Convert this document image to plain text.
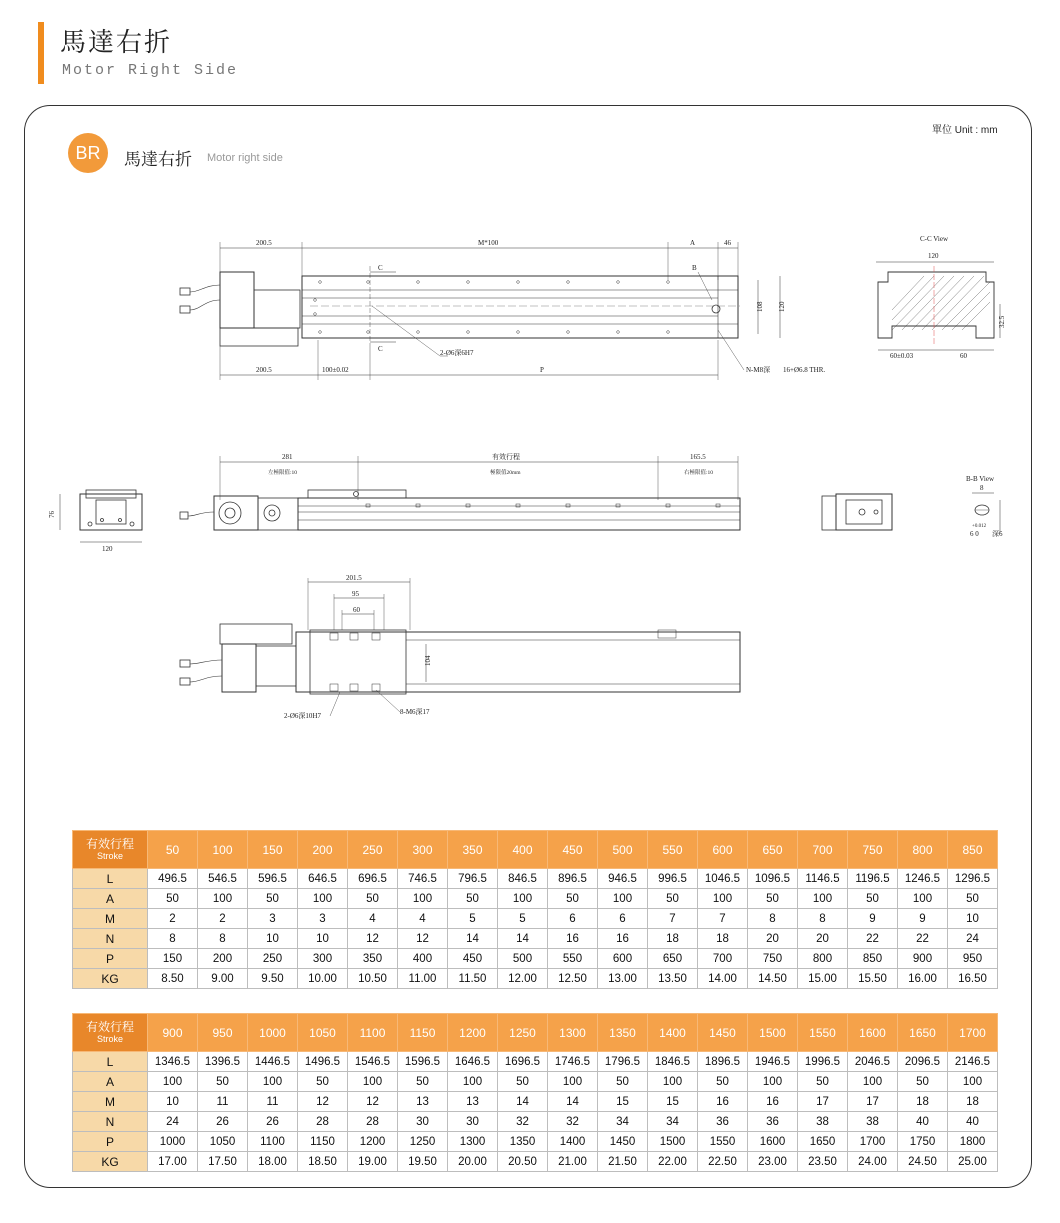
馬達右折
Motor Right Side
單位 Unit : mm
BR	馬達右折 Motor right side
200.5	M*100	A	46
C
C
B
108 120
200.5	100±0.02	P
2-Ø6深6H7
N-M8深 16+Ø6.8 THR.
C-C View
120
32.5
60±0.03	60
281	有效行程	165.5
左極限值:10	極限值20mm	右極限值:10
76
120
B-B View
8
+0.012
6 0 深6
201.5
95
60
104
2-Ø6深10H7	8-M6深17
有效行程
Stroke	50	100	150	200	250	300	350	400	450	500	550	600	650	700	750	800	850
L	496.5	546.5	596.5	646.5	696.5	746.5	796.5	846.5	896.5	946.5	996.5	1046.5	1096.5	1146.5	1196.5	1246.5	1296.5
A	50	100	50	100	50	100	50	100	50	100	50	100	50	100	50	100	50
M	2	2	3	3	4	4	5	5	6	6	7	7	8	8	9	9	10
N	8	8	10	10	12	12	14	14	16	16	18	18	20	20	22	22	24
P	150	200	250	300	350	400	450	500	550	600	650	700	750	800	850	900	950
KG	8.50	9.00	9.50	10.00	10.50	11.00	11.50	12.00	12.50	13.00	13.50	14.00	14.50	15.00	15.50	16.00	16.50
有效行程
Stroke	900	950	1000	1050	1100	1150	1200	1250	1300	1350	1400	1450	1500	1550	1600	1650	1700
L	1346.5	1396.5	1446.5	1496.5	1546.5	1596.5	1646.5	1696.5	1746.5	1796.5	1846.5	1896.5	1946.5	1996.5	2046.5	2096.5	2146.5
A	100	50	100	50	100	50	100	50	100	50	100	50	100	50	100	50	100
M	10	11	11	12	12	13	13	14	14	15	15	16	16	17	17	18	18
N	24	26	26	28	28	30	30	32	32	34	34	36	36	38	38	40	40
P	1000	1050	1100	1150	1200	1250	1300	1350	1400	1450	1500	1550	1600	1650	1700	1750	1800
KG	17.00	17.50	18.00	18.50	19.00	19.50	20.00	20.50	21.00	21.50	22.00	22.50	23.00	23.50	24.00	24.50	25.00
